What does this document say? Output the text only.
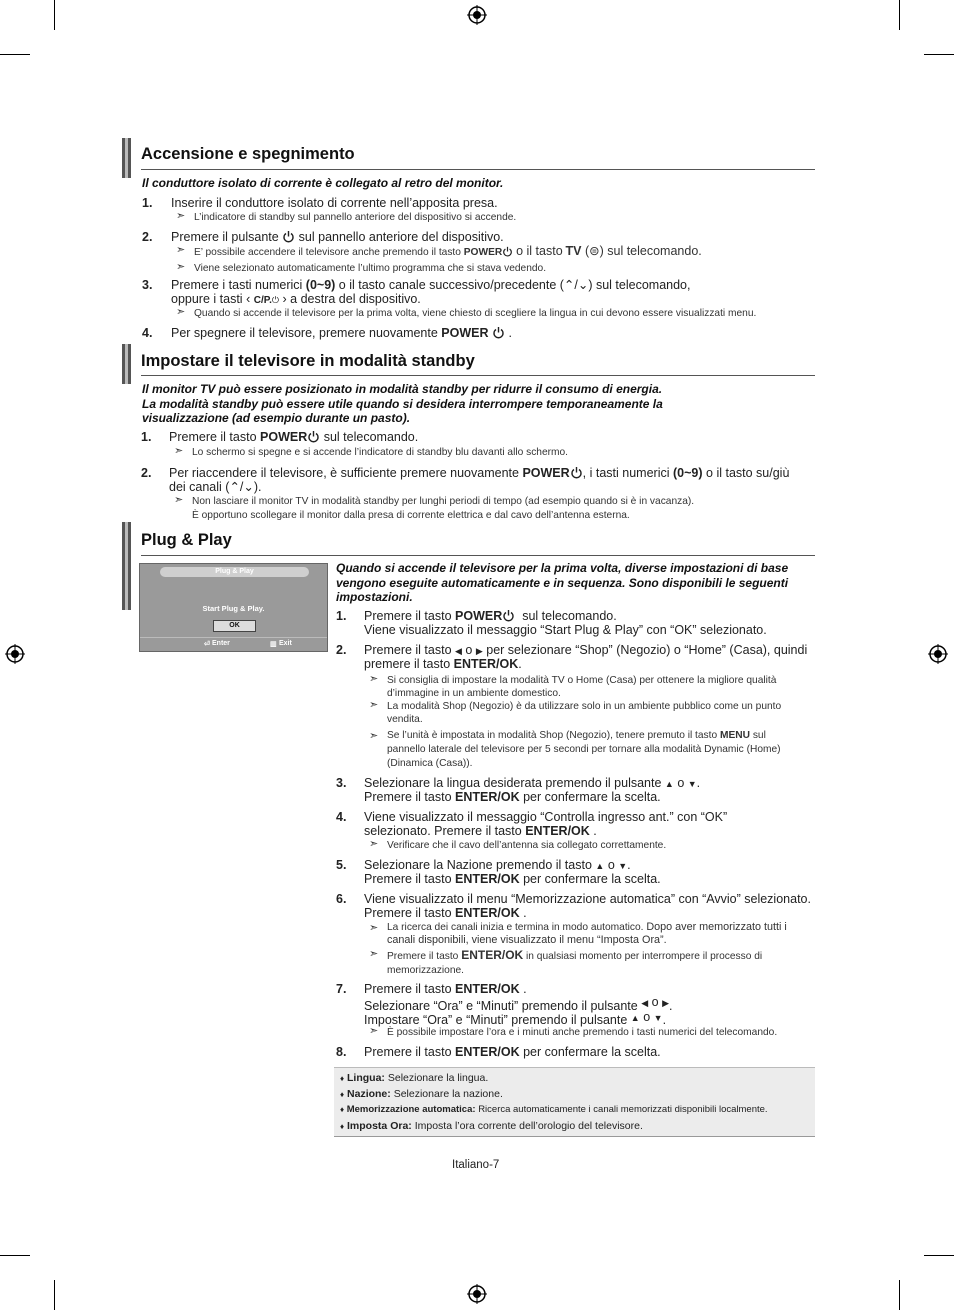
Accensione e spegnimento
Il conduttore isolato di corrente è collegato al retro del monitor.
1. Inserire il conduttore isolato di corrente nell’apposita presa.
➣ L’indicatore di standby sul pannello anteriore del dispositivo si accende.
2. Premere il pulsante sul pannello anteriore del dispositivo.
➣ E’ possibile accendere il televisore anche premendo il tasto POWER o il tasto TV (⊜) sul telecomando.
➣ Viene selezionato automaticamente l’ultimo programma che si stava vedendo.
3. Premere i tasti numerici (0~9) o il tasto canale successivo/precedente (⌃/⌄) sul telecomando,
oppure i tasti ‹ C/P.⏻ › a destra del dispositivo.
➣ Quando si accende il televisore per la prima volta, viene chiesto di scegliere la lingua in cui devono essere visualizzati menu.
4. Per spegnere il televisore, premere nuovamente POWER .
Impostare il televisore in modalità standby
Il monitor TV può essere posizionato in modalità standby per ridurre il consumo di energia.
La modalità standby può essere utile quando si desidera interrompere temporaneamente la
visualizzazione (ad esempio durante un pasto).
1. Premere il tasto POWER sul telecomando.
➣ Lo schermo si spegne e si accende l’indicatore di standby blu davanti allo schermo.
2. Per riaccendere il televisore, è sufficiente premere nuovamente POWER , i tasti numerici (0~9) o il tasto su/giù
dei canali (⌃/⌄).
➣ Non lasciare il monitor TV in modalità standby per lunghi periodi di tempo (ad esempio quando si è in vacanza).
È opportuno scollegare il monitor dalla presa di corrente elettrica e dal cavo dell’antenna esterna.
Plug & Play
Plug & Play
Start Plug & Play.
OK
⏎ Enter	▥ Exit
Quando si accende il televisore per la prima volta, diverse impostazioni di base
vengono eseguite automaticamente e in sequenza. Sono disponibili le seguenti
impostazioni.
1. Premere il tasto POWER sul telecomando.
Viene visualizzato il messaggio “Start Plug & Play” con “OK” selezionato.
2. Premere il tasto ◀ o ▶ per selezionare “Shop” (Negozio) o “Home” (Casa), quindi
premere il tasto ENTER/OK.
➣ Si consiglia di impostare la modalità TV o Home (Casa) per ottenere la migliore qualità
d’immagine in un ambiente domestico.
➣ La modalità Shop (Negozio) è da utilizzare solo in un ambiente pubblico come un punto
vendita.
➣ Se l’unità è impostata in modalità Shop (Negozio), tenere premuto il tasto MENU sul
pannello laterale del televisore per 5 secondi per tornare alla modalità Dynamic (Home)
(Dinamica (Casa)).
3. Selezionare la lingua desiderata premendo il pulsante ▲ o ▼.
Premere il tasto ENTER/OK per confermare la scelta.
4. Viene visualizzato il messaggio “Controlla ingresso ant.” con “OK”
selezionato. Premere il tasto ENTER/OK .
➣ Verificare che il cavo dell’antenna sia collegato correttamente.
5. Selezionare la Nazione premendo il tasto ▲ o ▼.
Premere il tasto ENTER/OK per confermare la scelta.
6. Viene visualizzato il menu “Memorizzazione automatica” con “Avvio” selezionato.
Premere il tasto ENTER/OK .
➣ La ricerca dei canali inizia e termina in modo automatico. Dopo aver memorizzato tutti i
canali disponibili, viene visualizzato il menu “Imposta Ora”.
➣ Premere il tasto ENTER/OK in qualsiasi momento per interrompere il processo di
memorizzazione.
7. Premere il tasto ENTER/OK .
Selezionare “Ora” e “Minuti” premendo il pulsante ◀ o ▶.
Impostare “Ora” e “Minuti” premendo il pulsante ▲ o ▼.
➣ È possibile impostare l’ora e i minuti anche premendo i tasti numerici del telecomando.
8. Premere il tasto ENTER/OK per confermare la scelta.
♦ Lingua: Selezionare la lingua.
♦ Nazione: Selezionare la nazione.
♦ Memorizzazione automatica: Ricerca automaticamente i canali memorizzati disponibili localmente.
♦ Imposta Ora: Imposta l’ora corrente dell’orologio del televisore.
Italiano-7
